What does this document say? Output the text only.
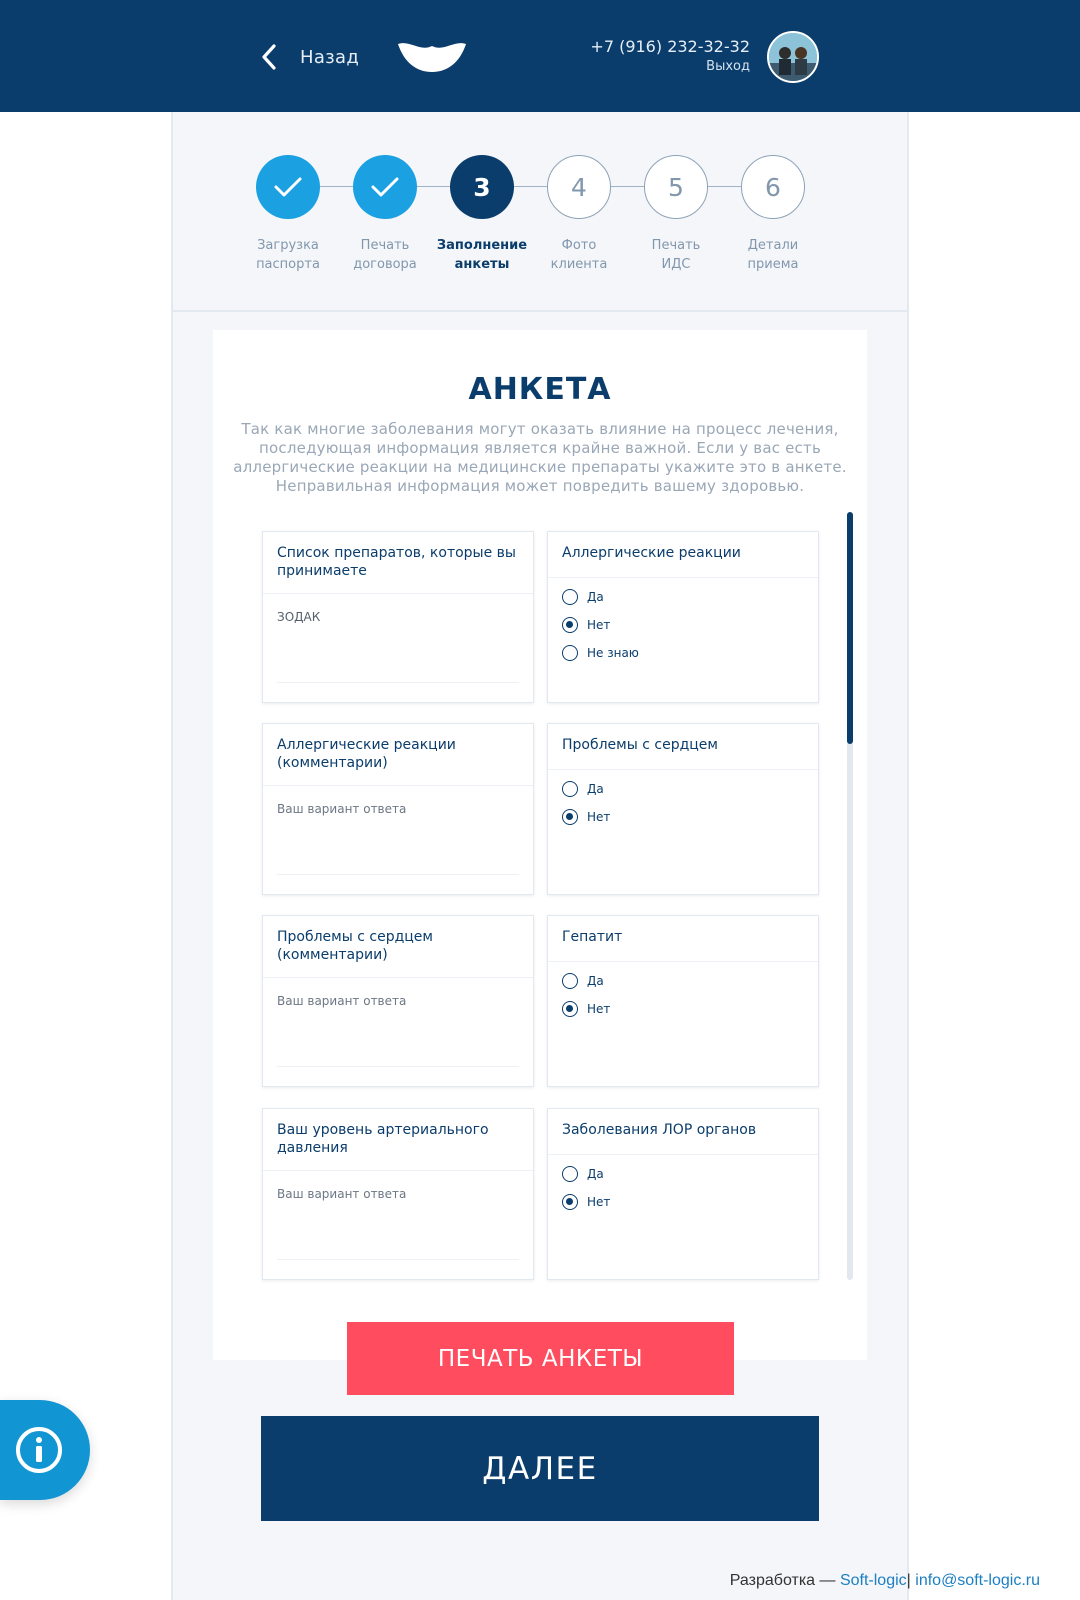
Назад	+7 (916) 232-32-32
Выход
Загрузка
паспорта
Печать
договора
3
Заполнение
анкеты
4
Фото
клиента
5
Печать
ИДС
6
Детали
приема
АНКЕТА
Так как многие заболевания могут оказать влияние на процесс лечения, последующая информация является крайне важной. Если у вас есть аллергические реакции на медицинские препараты укажите это в анкете. Неправильная информация может повредить вашему здоровью.
Список препаратов, которые вы принимаете
ЗОДАК
Аллергические реакции
Да
Нет
Не знаю
Аллергические реакции (комментарии)
Ваш вариант ответа
Проблемы с сердцем
Да
Нет
Проблемы с сердцем (комментарии)
Ваш вариант ответа
Гепатит
Да
Нет
Ваш уровень артериального давления
Ваш вариант ответа
Заболевания ЛОР органов
Да
Нет
ПЕЧАТЬ АНКЕТЫ
ДАЛЕЕ
Разработка — Soft-logic| info@soft-logic.ru
